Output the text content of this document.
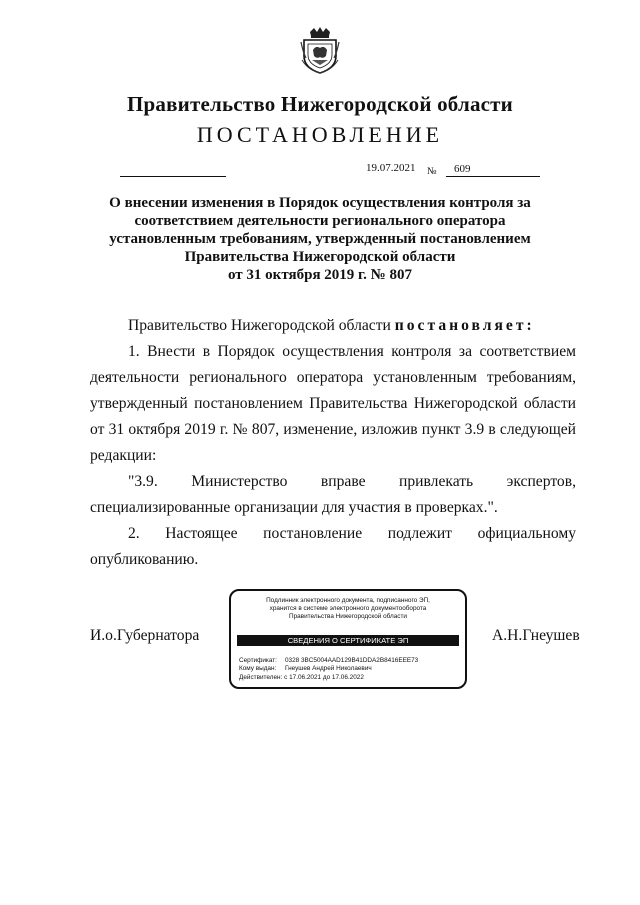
Правительство Нижегородской области
ПОСТАНОВЛЕНИЕ
19.07.2021 №	609
О внесении изменения в Порядок осуществления контроля за
соответствием деятельности регионального оператора
установленным требованиям, утвержденный постановлением
Правительства Нижегородской области
от 31 октября 2019 г. № 807
Правительство Нижегородской области постановляет:
1. Внести в Порядок осуществления контроля за соответствием деятельности регионального оператора установленным требованиям, утвержденный постановлением Правительства Нижегородской области от 31 октября 2019 г. № 807, изменение, изложив пункт 3.9 в следующей редакции:
"3.9. Министерство вправе привлекать экспертов, специализированные организации для участия в проверках.".
2. Настоящее постановление подлежит официальному опубликованию.
И.о.Губернатора	А.Н.Гнеушев
Подлинник электронного документа, подписанного ЭП,
хранится в системе электронного документооборота
Правительства Нижегородской области
СВЕДЕНИЯ О СЕРТИФИКАТЕ ЭП
Сертификат: 0328 3BC5004AAD129B41DDA2B8416EEE73
Кому выдан: Гнеушев Андрей Николаевич
Действителен: с 17.06.2021 до 17.06.2022
